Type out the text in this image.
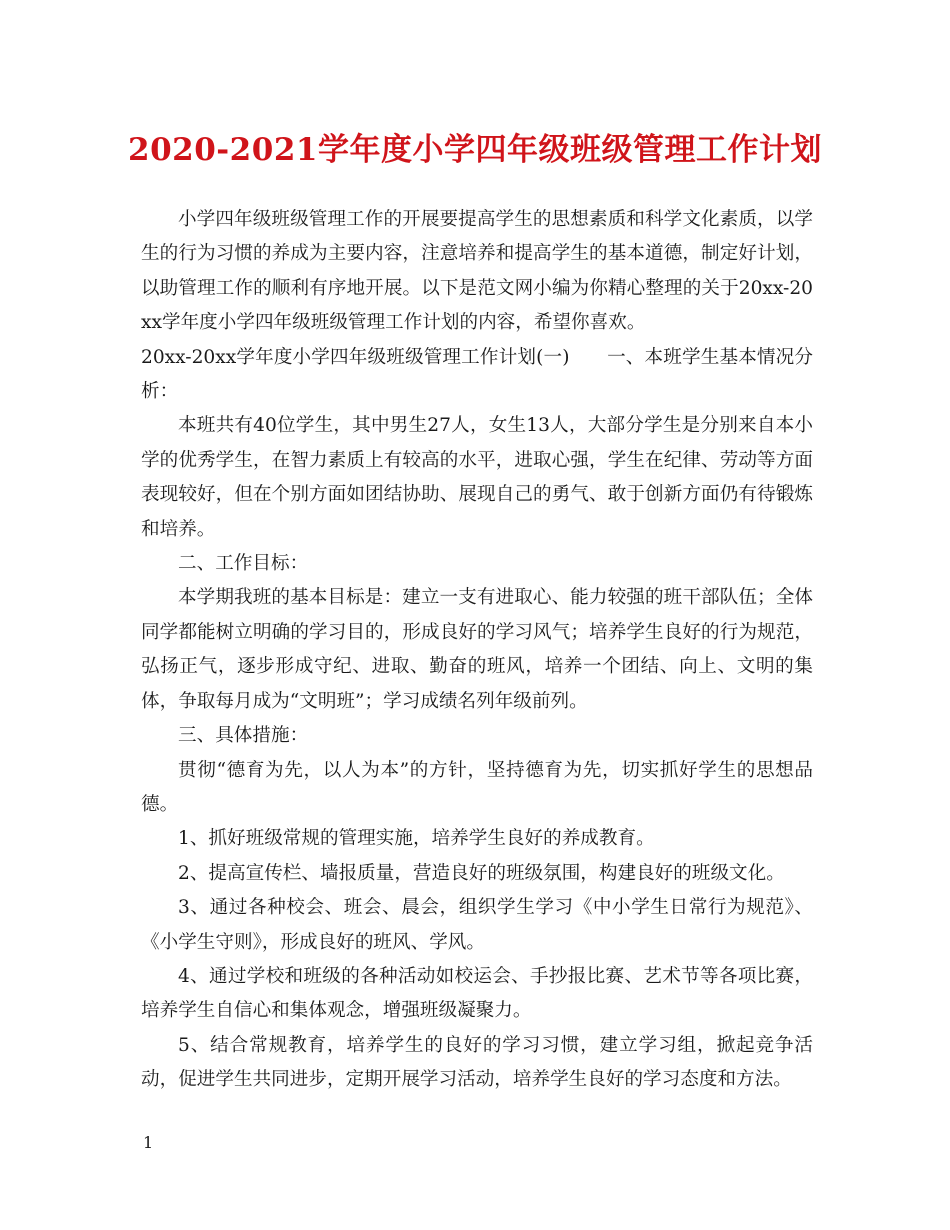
2020-2021学年度小学四年级班级管理工作计划

小学四年级班级管理工作的开展要提高学生的思想素质和科学文化素质，以学生的行为习惯的养成为主要内容，注意培养和提高学生的基本道德，制定好计划，以助管理工作的顺利有序地开展。以下是范文网小编为你精心整理的关于20xx-20xx学年度小学四年级班级管理工作计划的内容，希望你喜欢。

20xx-20xx学年度小学四年级班级管理工作计划(一)　　一、本班学生基本情况分析：

本班共有40位学生，其中男生27人，女生13人，大部分学生是分别来自本小学的优秀学生，在智力素质上有较高的水平，进取心强，学生在纪律、劳动等方面表现较好，但在个别方面如团结协助、展现自己的勇气、敢于创新方面仍有待锻炼和培养。

二、工作目标：

本学期我班的基本目标是：建立一支有进取心、能力较强的班干部队伍；全体同学都能树立明确的学习目的，形成良好的学习风气；培养学生良好的行为规范，弘扬正气，逐步形成守纪、进取、勤奋的班风，培养一个团结、向上、文明的集体，争取每月成为“文明班”；学习成绩名列年级前列。

三、具体措施：

贯彻“德育为先，以人为本”的方针，坚持德育为先，切实抓好学生的思想品德。

1、抓好班级常规的管理实施，培养学生良好的养成教育。

2、提高宣传栏、墙报质量，营造良好的班级氛围，构建良好的班级文化。

3、通过各种校会、班会、晨会，组织学生学习《中小学生日常行为规范》、《小学生守则》，形成良好的班风、学风。

4、通过学校和班级的各种活动如校运会、手抄报比赛、艺术节等各项比赛，培养学生自信心和集体观念，增强班级凝聚力。

5、结合常规教育，培养学生的良好的学习习惯，建立学习组，掀起竞争活动，促进学生共同进步，定期开展学习活动，培养学生良好的学习态度和方法。

1
